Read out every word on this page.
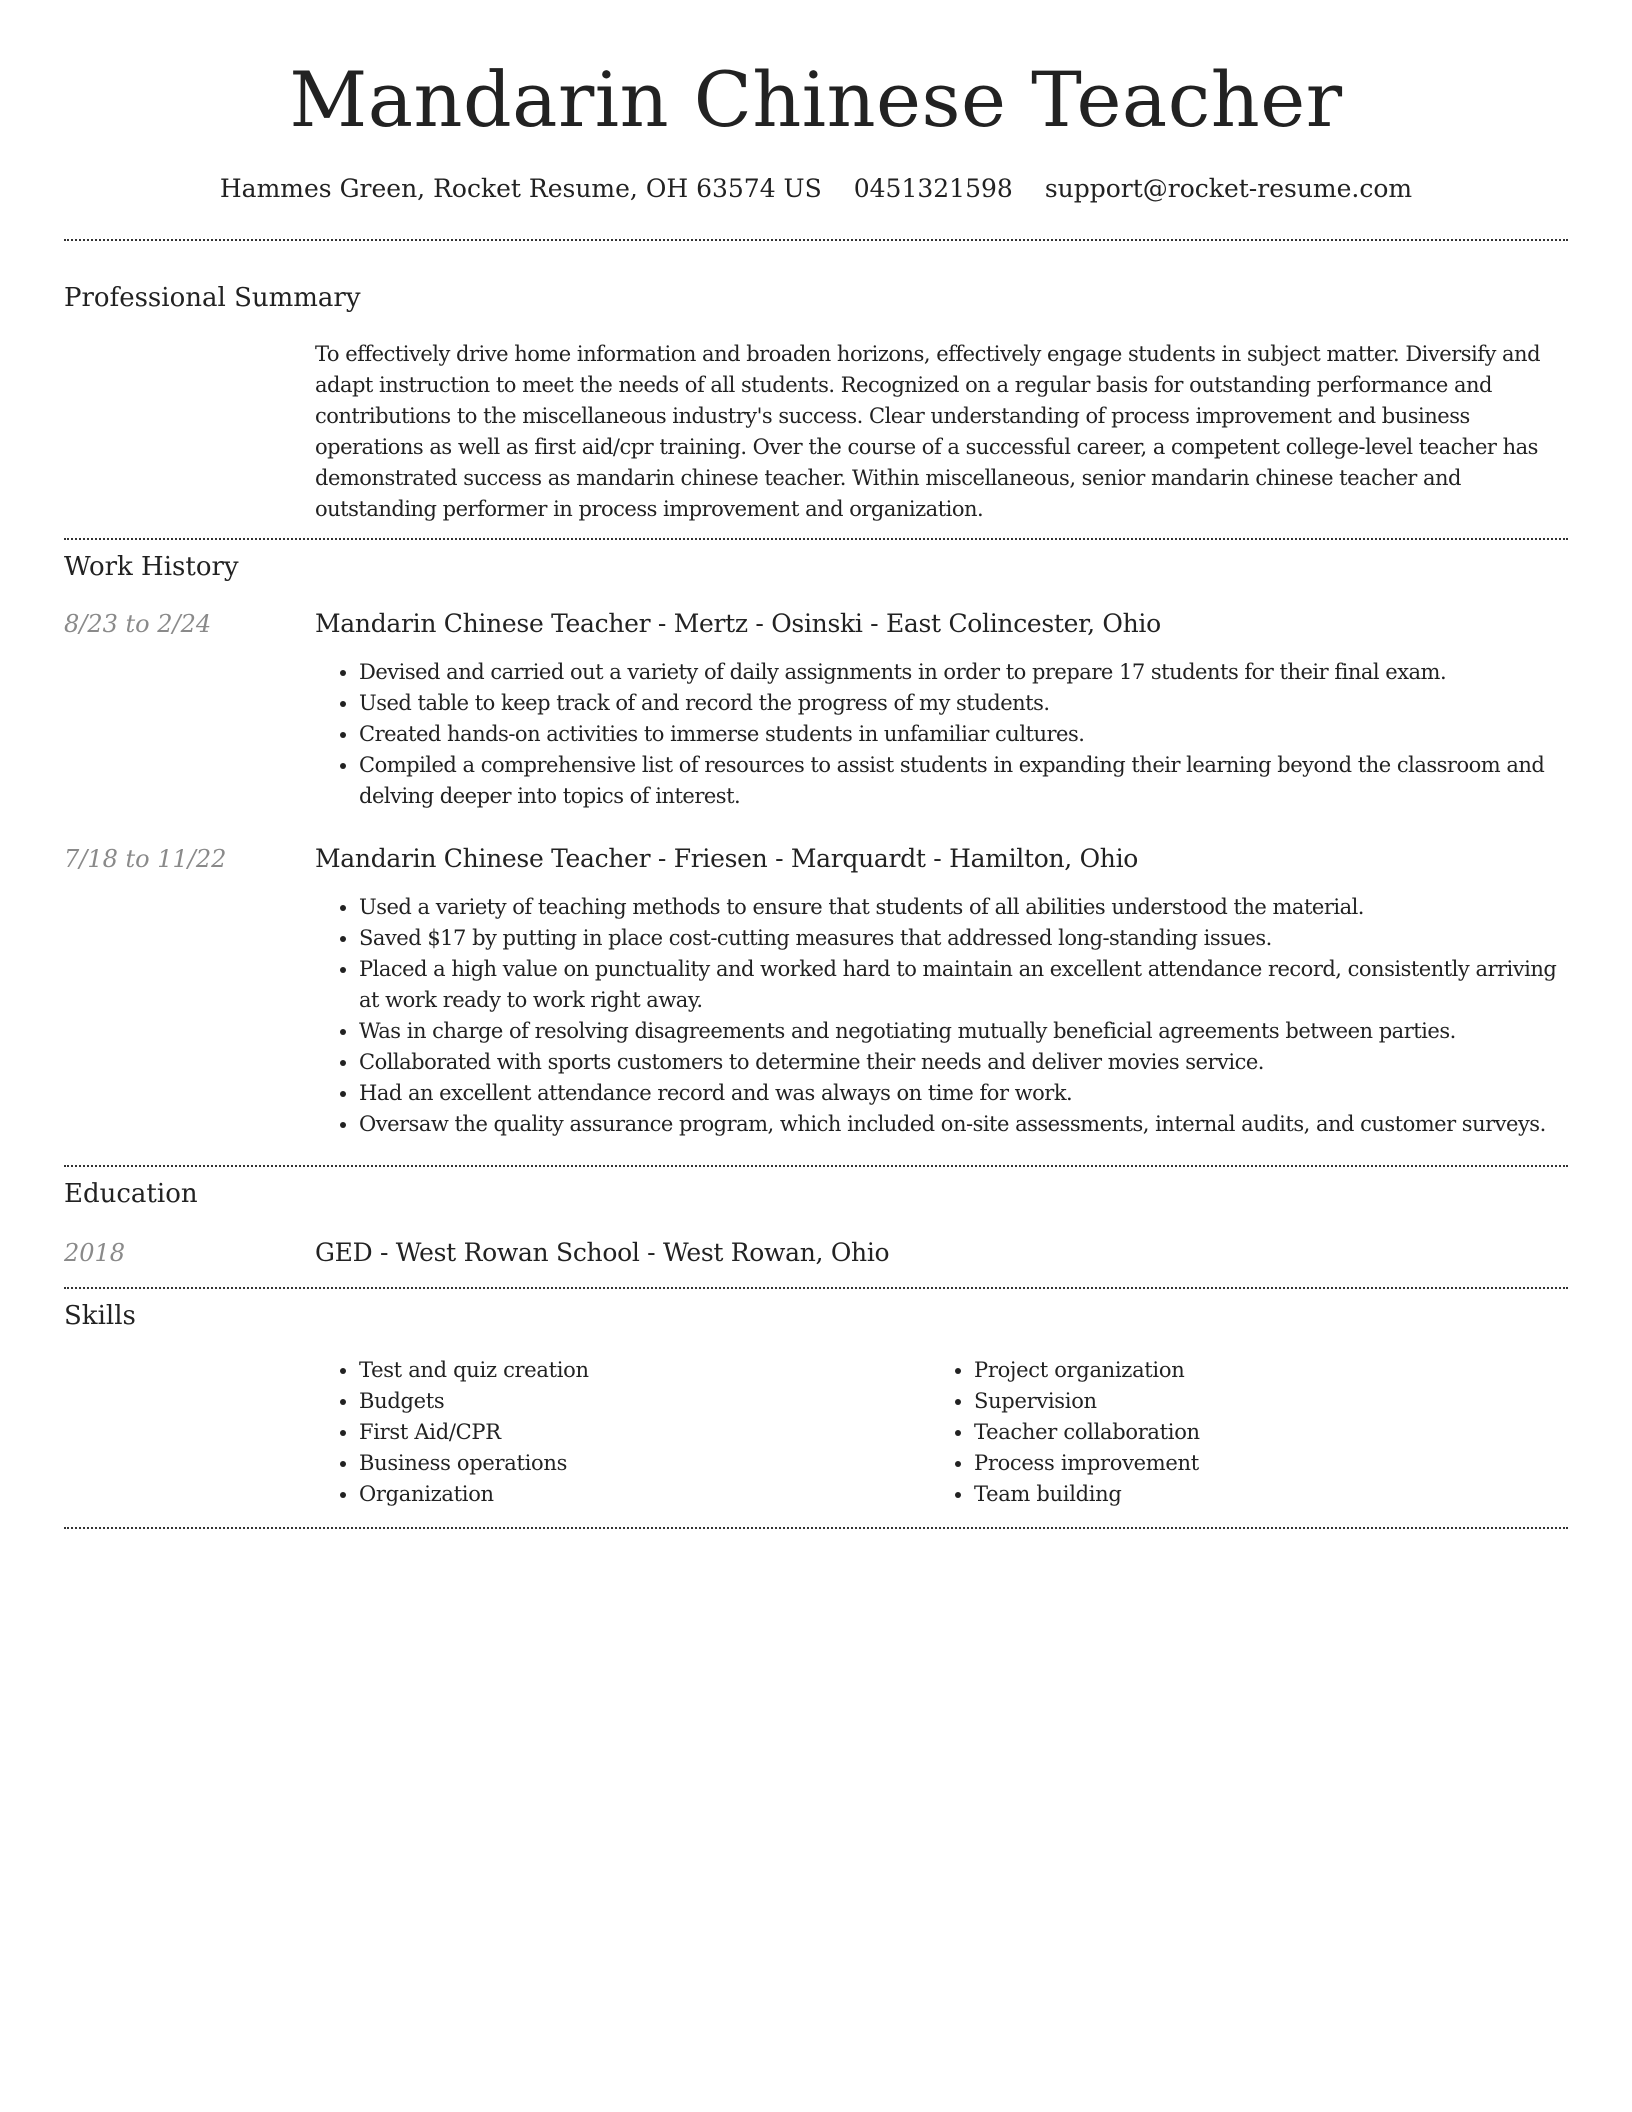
Mandarin Chinese Teacher
Hammes Green, Rocket Resume, OH 63574 US 0451321598 support@rocket-resume.com
Professional Summary
To effectively drive home information and broaden horizons, effectively engage students in subject matter. Diversify and adapt instruction to meet the needs of all students. Recognized on a regular basis for outstanding performance and contributions to the miscellaneous industry's success. Clear understanding of process improvement and business operations as well as first aid/cpr training. Over the course of a successful career, a competent college-level teacher has demonstrated success as mandarin chinese teacher. Within miscellaneous, senior mandarin chinese teacher and outstanding performer in process improvement and organization.
Work History
8/23 to 2/24	Mandarin Chinese Teacher - Mertz - Osinski - East Colincester, Ohio
• Devised and carried out a variety of daily assignments in order to prepare 17 students for their final exam.
• Used table to keep track of and record the progress of my students.
• Created hands-on activities to immerse students in unfamiliar cultures.
• Compiled a comprehensive list of resources to assist students in expanding their learning beyond the classroom and delving deeper into topics of interest.
7/18 to 11/22	Mandarin Chinese Teacher - Friesen - Marquardt - Hamilton, Ohio
• Used a variety of teaching methods to ensure that students of all abilities understood the material.
• Saved $17 by putting in place cost-cutting measures that addressed long-standing issues.
• Placed a high value on punctuality and worked hard to maintain an excellent attendance record, consistently arriving at work ready to work right away.
• Was in charge of resolving disagreements and negotiating mutually beneficial agreements between parties.
• Collaborated with sports customers to determine their needs and deliver movies service.
• Had an excellent attendance record and was always on time for work.
• Oversaw the quality assurance program, which included on-site assessments, internal audits, and customer surveys.
Education
2018	GED - West Rowan School - West Rowan, Ohio
Skills
• Test and quiz creation
• Budgets
• First Aid/CPR
• Business operations
• Organization
• Project organization
• Supervision
• Teacher collaboration
• Process improvement
• Team building
